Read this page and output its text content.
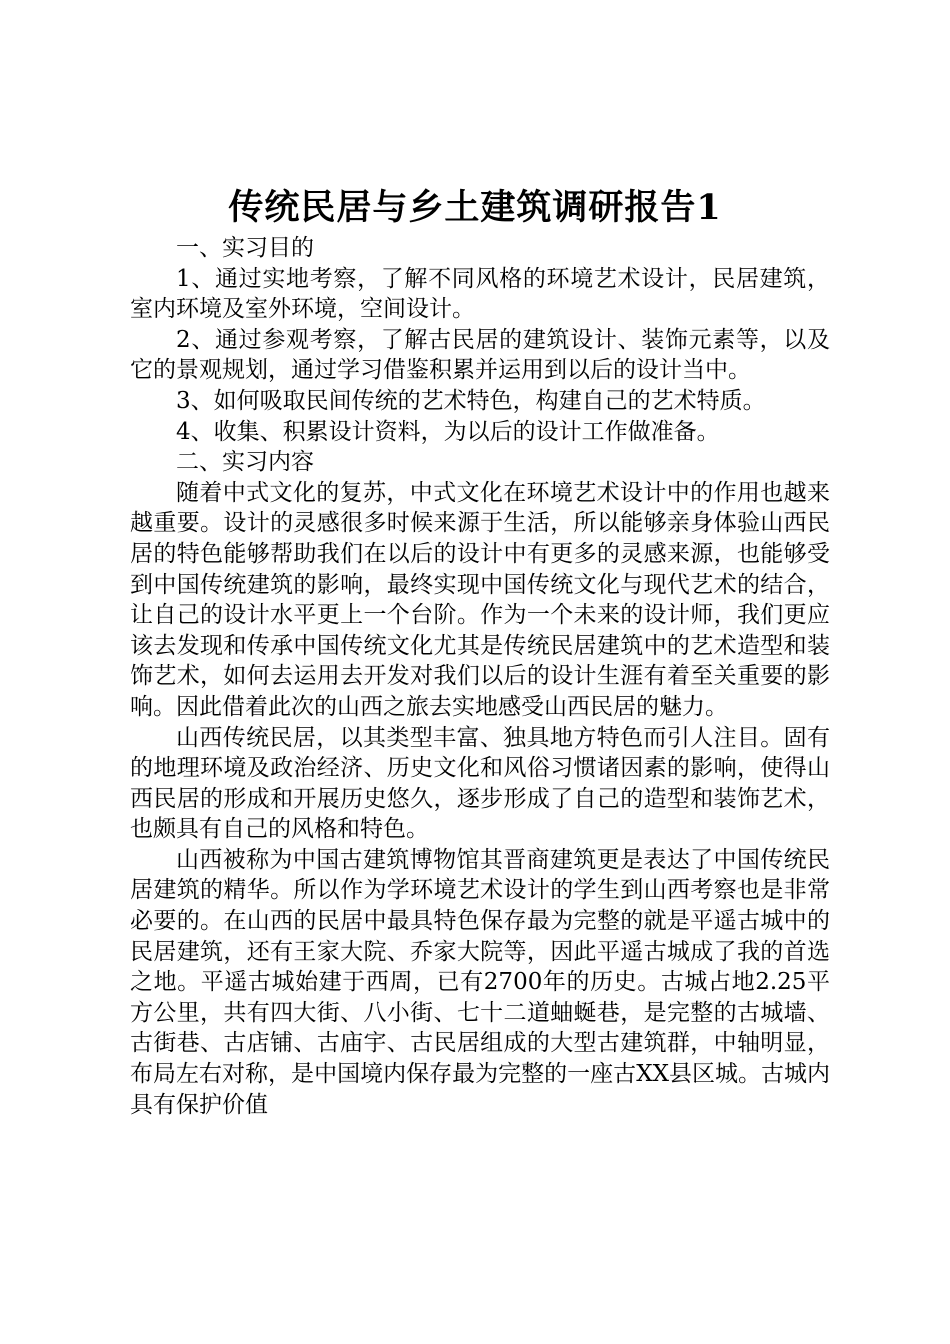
传统民居与乡土建筑调研报告1

一、实习目的

1、通过实地考察，了解不同风格的环境艺术设计，民居建筑，室内环境及室外环境，空间设计。

2、通过参观考察，了解古民居的建筑设计、装饰元素等，以及它的景观规划，通过学习借鉴积累并运用到以后的设计当中。

3、如何吸取民间传统的艺术特色，构建自己的艺术特质。

4、收集、积累设计资料，为以后的设计工作做准备。

二、实习内容

随着中式文化的复苏，中式文化在环境艺术设计中的作用也越来越重要。设计的灵感很多时候来源于生活，所以能够亲身体验山西民居的特色能够帮助我们在以后的设计中有更多的灵感来源，也能够受到中国传统建筑的影响，最终实现中国传统文化与现代艺术的结合，让自己的设计水平更上一个台阶。作为一个未来的设计师，我们更应该去发现和传承中国传统文化尤其是传统民居建筑中的艺术造型和装饰艺术，如何去运用去开发对我们以后的设计生涯有着至关重要的影响。因此借着此次的山西之旅去实地感受山西民居的魅力。

山西传统民居，以其类型丰富、独具地方特色而引人注目。固有的地理环境及政治经济、历史文化和风俗习惯诸因素的影响，使得山西民居的形成和开展历史悠久，逐步形成了自己的造型和装饰艺术，也颇具有自己的风格和特色。

山西被称为中国古建筑博物馆其晋商建筑更是表达了中国传统民居建筑的精华。所以作为学环境艺术设计的学生到山西考察也是非常必要的。在山西的民居中最具特色保存最为完整的就是平遥古城中的民居建筑，还有王家大院、乔家大院等，因此平遥古城成了我的首选之地。平遥古城始建于西周，已有2700年的历史。古城占地2.25平方公里，共有四大街、八小街、七十二道蚰蜒巷，是完整的古城墙、古街巷、古店铺、古庙宇、古民居组成的大型古建筑群，中轴明显，布局左右对称，是中国境内保存最为完整的一座古XX县区城。古城内具有保护价值
